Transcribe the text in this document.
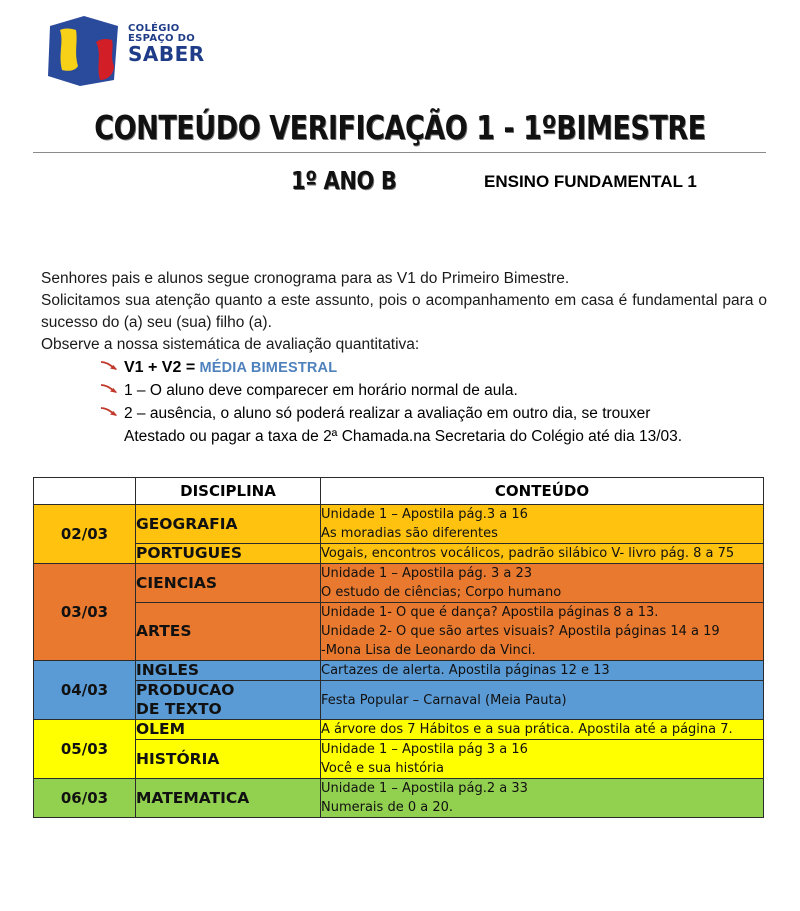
COLÉGIO
ESPAÇO DO
SABER
CONTEÚDO VERIFICAÇÃO 1 - 1ºBIMESTRE
1º ANO B	ENSINO FUNDAMENTAL 1
Senhores pais e alunos segue cronograma para as V1 do Primeiro Bimestre.
Solicitamos sua atenção quanto a este assunto, pois o acompanhamento em casa é fundamental para o sucesso do (a) seu (sua) filho (a).
Observe a nossa sistemática de avaliação quantitativa:
V1 + V2 = MÉDIA BIMESTRAL
1 – O aluno deve comparecer em horário normal de aula.
2 – ausência, o aluno só poderá realizar a avaliação em outro dia, se trouxer
Atestado ou pagar a taxa de 2ª Chamada.na Secretaria do Colégio até dia 13/03.
	DISCIPLINA	CONTEÚDO
02/03	GEOGRAFIA	Unidade 1 – Apostila pág.3 a 16
As moradias são diferentes

	PORTUGUES	Vogais, encontros vocálicos, padrão silábico V- livro pág. 8 a 75

03/03	CIENCIAS	Unidade 1 – Apostila pág. 3 a 23
O estudo de ciências; Corpo humano

	ARTES	Unidade 1- O que é dança? Apostila páginas 8 a 13.
Unidade 2- O que são artes visuais? Apostila páginas 14 a 19
-Mona Lisa de Leonardo da Vinci.

04/03	INGLES	Cartazes de alerta. Apostila páginas 12 e 13

	PRODUCAO
DE TEXTO	Festa Popular – Carnaval (Meia Pauta)

05/03	OLEM	A árvore dos 7 Hábitos e a sua prática. Apostila até a página 7.

	HISTÓRIA	Unidade 1 – Apostila pág 3 a 16
Você e sua história

06/03	MATEMATICA	Unidade 1 – Apostila pág.2 a 33
Numerais de 0 a 20.
